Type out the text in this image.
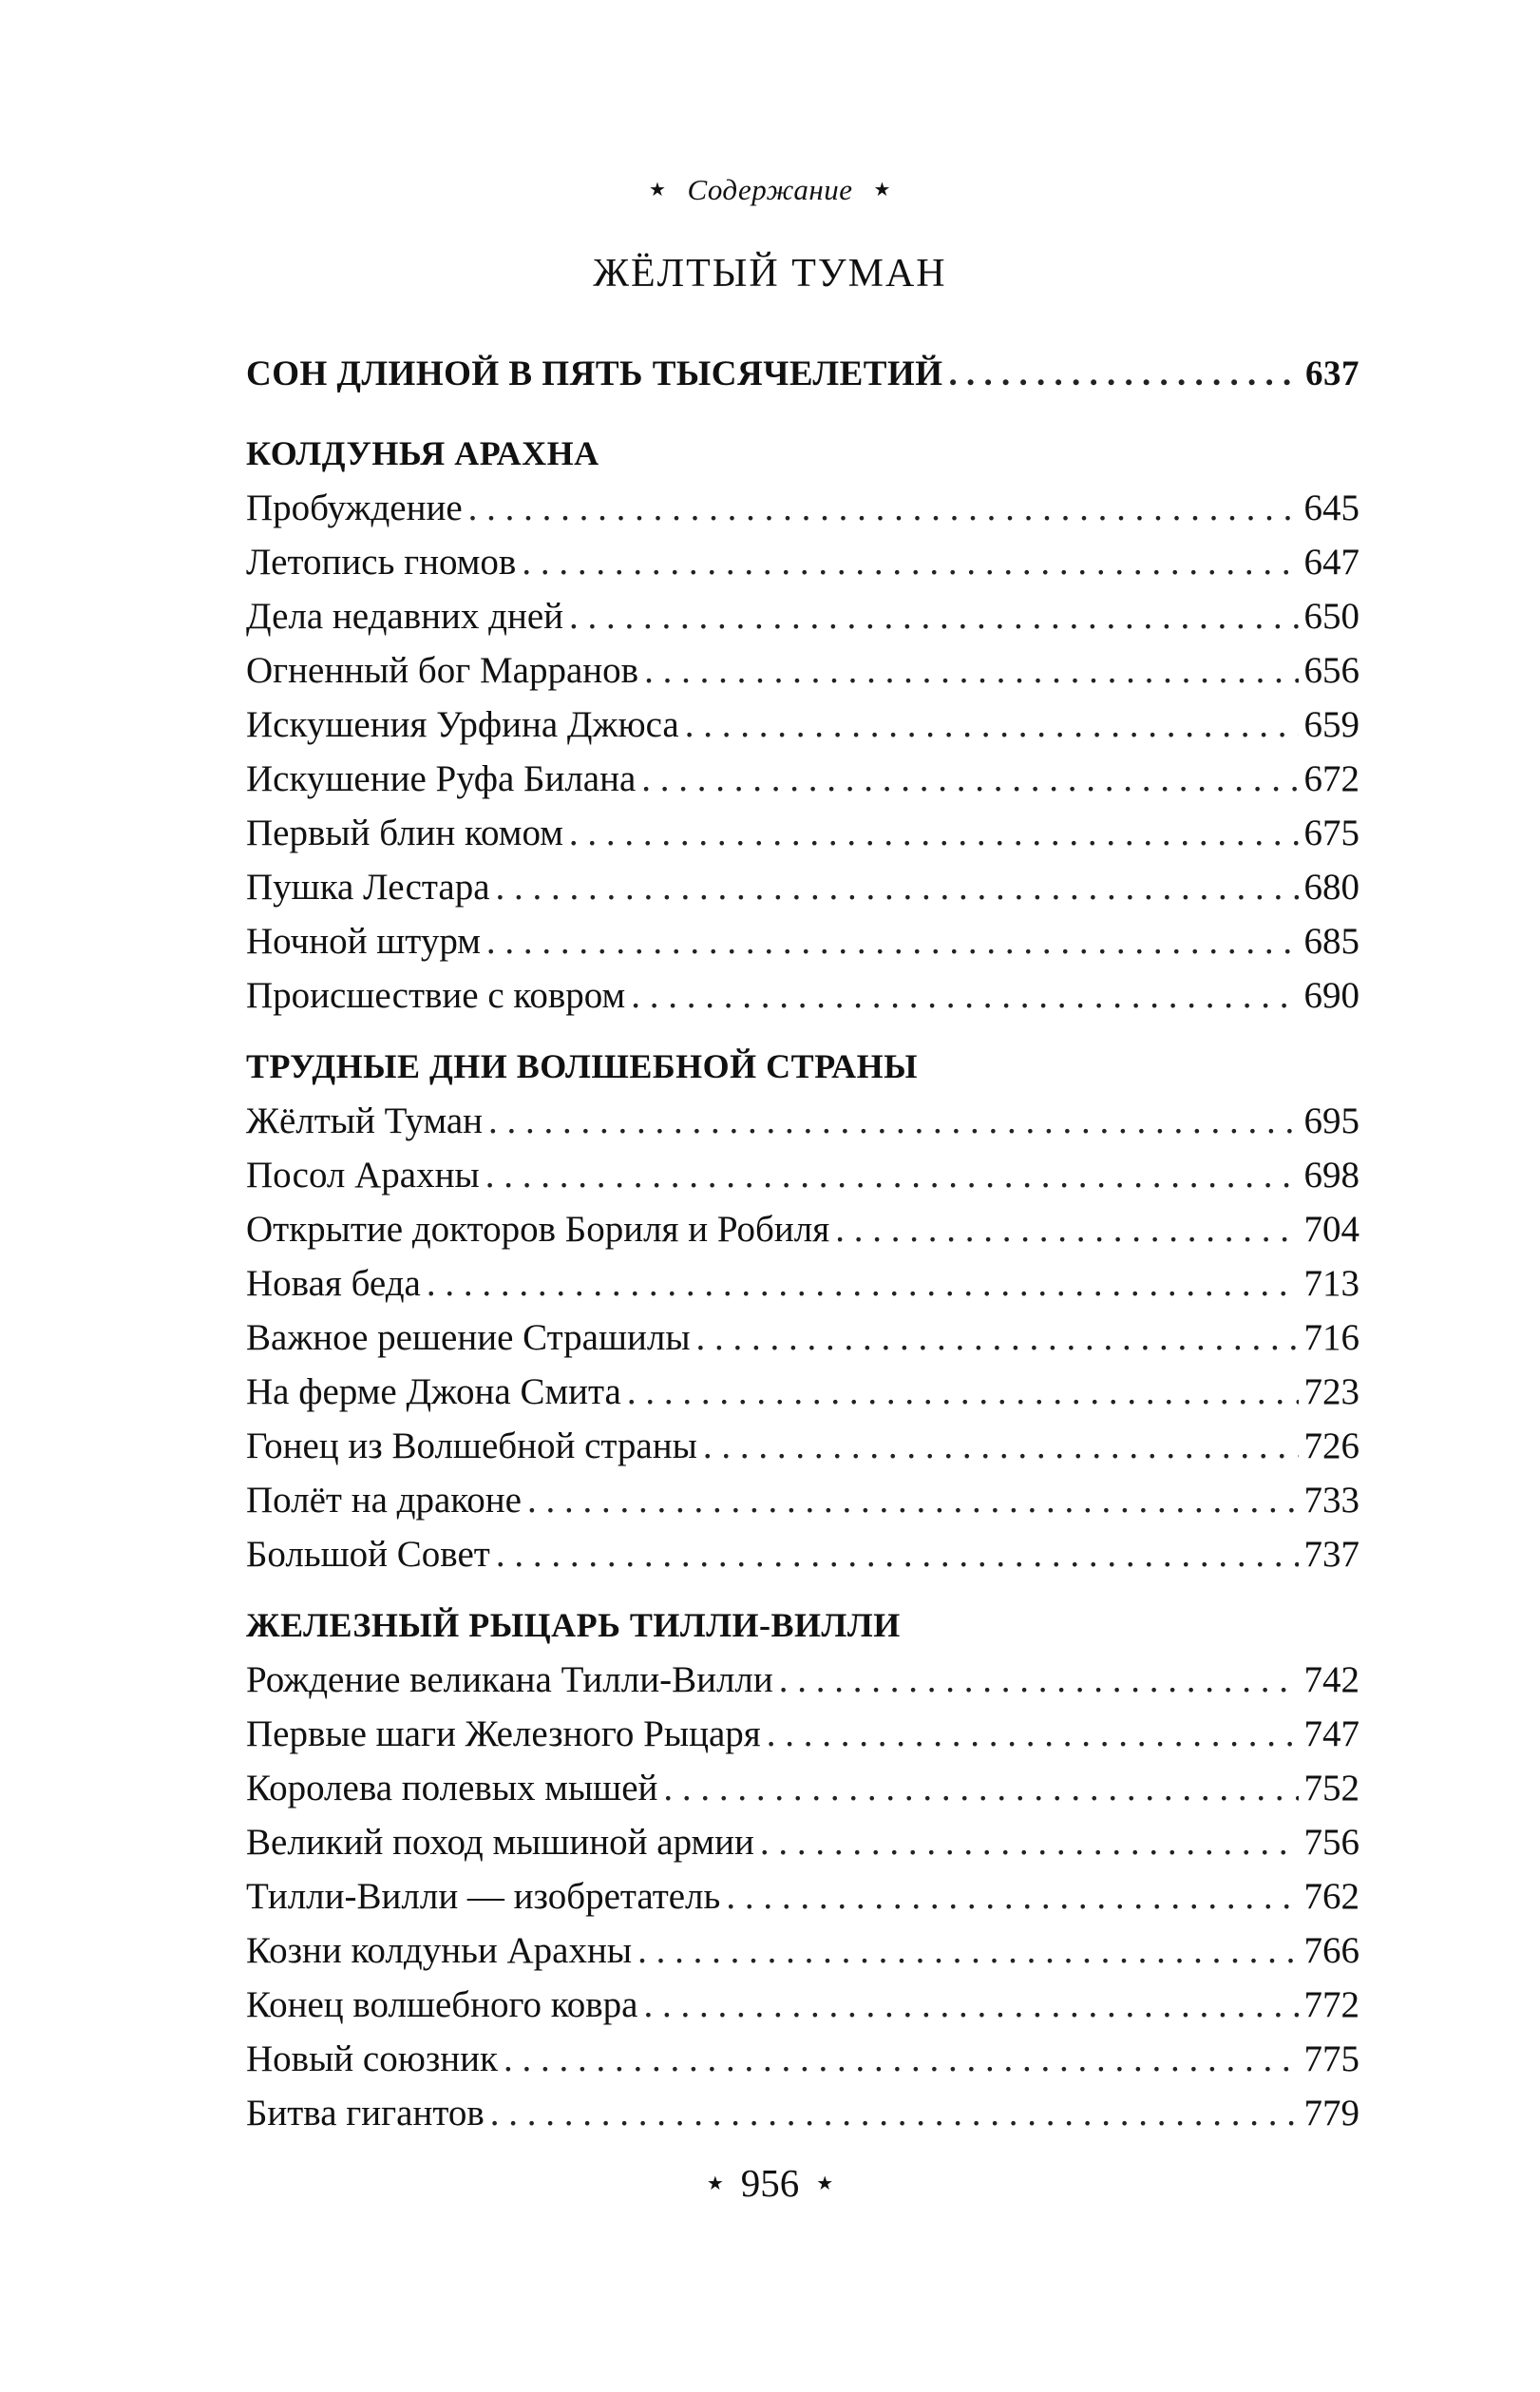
★ Содержание ★
ЖЁЛТЫЙ ТУМАН
СОН ДЛИНОЙ В ПЯТЬ ТЫСЯЧЕЛЕТИЙ . . .	637
КОЛДУНЬЯ АРАХНА
Пробуждение . . .	645
Летопись гномов . . .	647
Дела недавних дней . . .	650
Огненный бог Марранов . . .	656
Искушения Урфина Джюса . . .	659
Искушение Руфа Билана . . .	672
Первый блин комом . . .	675
Пушка Лестара . . .	680
Ночной штурм . . .	685
Происшествие с ковром . . .	690
ТРУДНЫЕ ДНИ ВОЛШЕБНОЙ СТРАНЫ
Жёлтый Туман . . .	695
Посол Арахны . . .	698
Открытие докторов Бориля и Робиля . . .	704
Новая беда . . .	713
Важное решение Страшилы . . .	716
На ферме Джона Смита . . .	723
Гонец из Волшебной страны . . .	726
Полёт на драконе . . .	733
Большой Совет . . .	737
ЖЕЛЕЗНЫЙ РЫЦАРЬ ТИЛЛИ-ВИЛЛИ
Рождение великана Тилли-Вилли . . .	742
Первые шаги Железного Рыцаря . . .	747
Королева полевых мышей . . .	752
Великий поход мышиной армии . . .	756
Тилли-Вилли — изобретатель . . .	762
Козни колдуньи Арахны . . .	766
Конец волшебного ковра . . .	772
Новый союзник . . .	775
Битва гигантов . . .	779
★ 956 ★
